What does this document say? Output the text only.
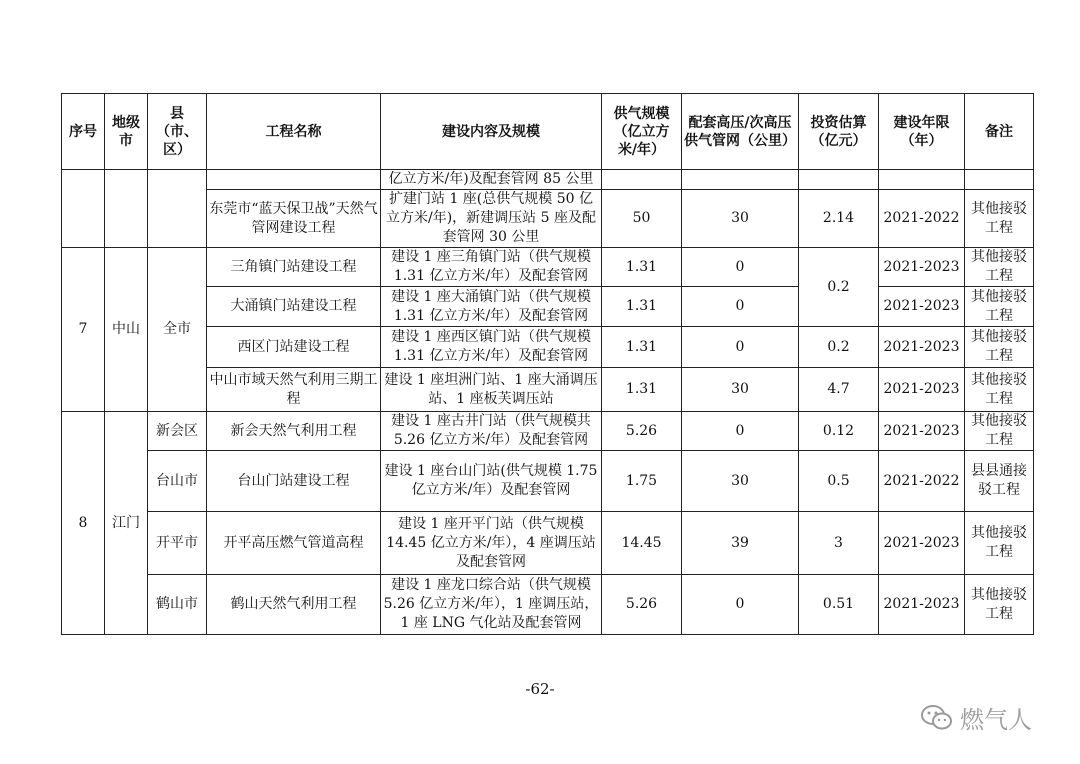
序号	地级市	县（市、区）	工程名称	建设内容及规模	供气规模（亿立方米/年）	配套高压/次高压供气管网（公里）	投资估算（亿元）	建设年限（年）	备注
				亿立方米/年)及配套管网 85 公里					
			东莞市“蓝天保卫战”天然气管网建设工程	扩建门站 1 座(总供气规模 50 亿立方米/年)，新建调压站 5 座及配套管网 30 公里	50	30	2.14	2021-2022	其他接驳工程
7	中山	全市	三角镇门站建设工程	建设 1 座三角镇门站（供气规模 1.31 亿立方米/年）及配套管网	1.31	0	0.2	2021-2023	其他接驳工程
			大涌镇门站建设工程	建设 1 座大涌镇门站（供气规模 1.31 亿立方米/年）及配套管网	1.31	0		2021-2023	其他接驳工程
			西区门站建设工程	建设 1 座西区镇门站（供气规模 1.31 亿立方米/年）及配套管网	1.31	0	0.2	2021-2023	其他接驳工程
			中山市域天然气利用三期工程	建设 1 座坦洲门站、1 座大涌调压站、1 座板芙调压站	1.31	30	4.7	2021-2023	其他接驳工程
8	江门	新会区	新会天然气利用工程	建设 1 座古井门站（供气规模共 5.26 亿立方米/年）及配套管网	5.26	0	0.12	2021-2023	其他接驳工程
		台山市	台山门站建设工程	建设 1 座台山门站(供气规模 1.75 亿立方米/年）及配套管网	1.75	30	0.5	2021-2022	县县通接驳工程
		开平市	开平高压燃气管道高程	建设 1 座开平门站（供气规模 14.45 亿立方米/年），4 座调压站及配套管网	14.45	39	3	2021-2023	其他接驳工程
		鹤山市	鹤山天然气利用工程	建设 1 座龙口综合站（供气规模 5.26 亿立方米/年），1 座调压站，1 座 LNG 气化站及配套管网	5.26	0	0.51	2021-2023	其他接驳工程
-62-
燃气人
